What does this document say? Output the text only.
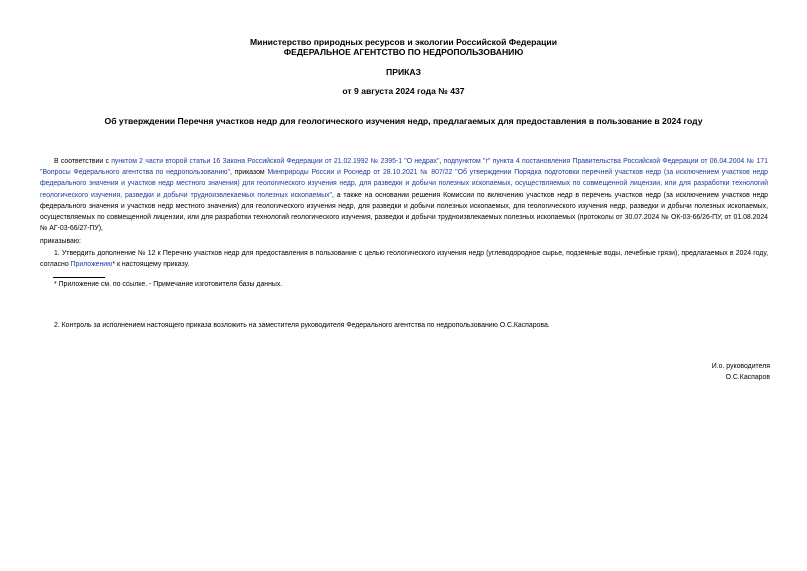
Министерство природных ресурсов и экологии Российской Федерации
ФЕДЕРАЛЬНОЕ АГЕНТСТВО ПО НЕДРОПОЛЬЗОВАНИЮ
ПРИКАЗ
от 9 августа 2024 года № 437
Об утверждении Перечня участков недр для геологического изучения недр, предлагаемых для предоставления в пользование в 2024 году
В соответствии с пунктом 2 части второй статьи 16 Закона Российской Федерации от 21.02.1992 № 2395-1 "О недрах", подпунктом "г" пункта 4 постановления Правительства Российской Федерации от 06.04.2004 № 171 "Вопросы Федерального агентства по недропользованию", приказом Минприроды России и Роснедр от 28.10.2021 № 807/22 "Об утверждении Порядка подготовки перечней участков недр (за исключением участков недр федерального значения и участков недр местного значения) для геологического изучения недр, для разведки и добычи полезных ископаемых, осуществляемых по совмещенной лицензии, или для разработки технологий геологического изучения, разведки и добычи трудноизвлекаемых полезных ископаемых", а также на основании решения Комиссии по включению участков недр в перечень участков недр (за исключением участков недр федерального значения и участков недр местного значения) для геологического изучения недр, для разведки и добычи полезных ископаемых, для геологического изучения недр, разведки и добычи полезных ископаемых, осуществляемых по совмещенной лицензии, или для разработки технологий геологического изучения, разведки и добычи трудноизвлекаемых полезных ископаемых (протоколы от 30.07.2024 № ОК-03-66/26-ПУ, от 01.08.2024 № АГ-03-66/27-ПУ),
приказываю:
1. Утвердить дополнение № 12 к Перечню участков недр для предоставления в пользование с целью геологического изучения недр (углеводородное сырье, подземные воды, лечебные грязи), предлагаемых в 2024 году, согласно Приложению* к настоящему приказу.
* Приложение см. по ссылке. - Примечание изготовителя базы данных.
2. Контроль за исполнением настоящего приказа возложить на заместителя руководителя Федерального агентства по недропользованию О.С.Каспарова.
И.о. руководителя
О.С.Каспаров
